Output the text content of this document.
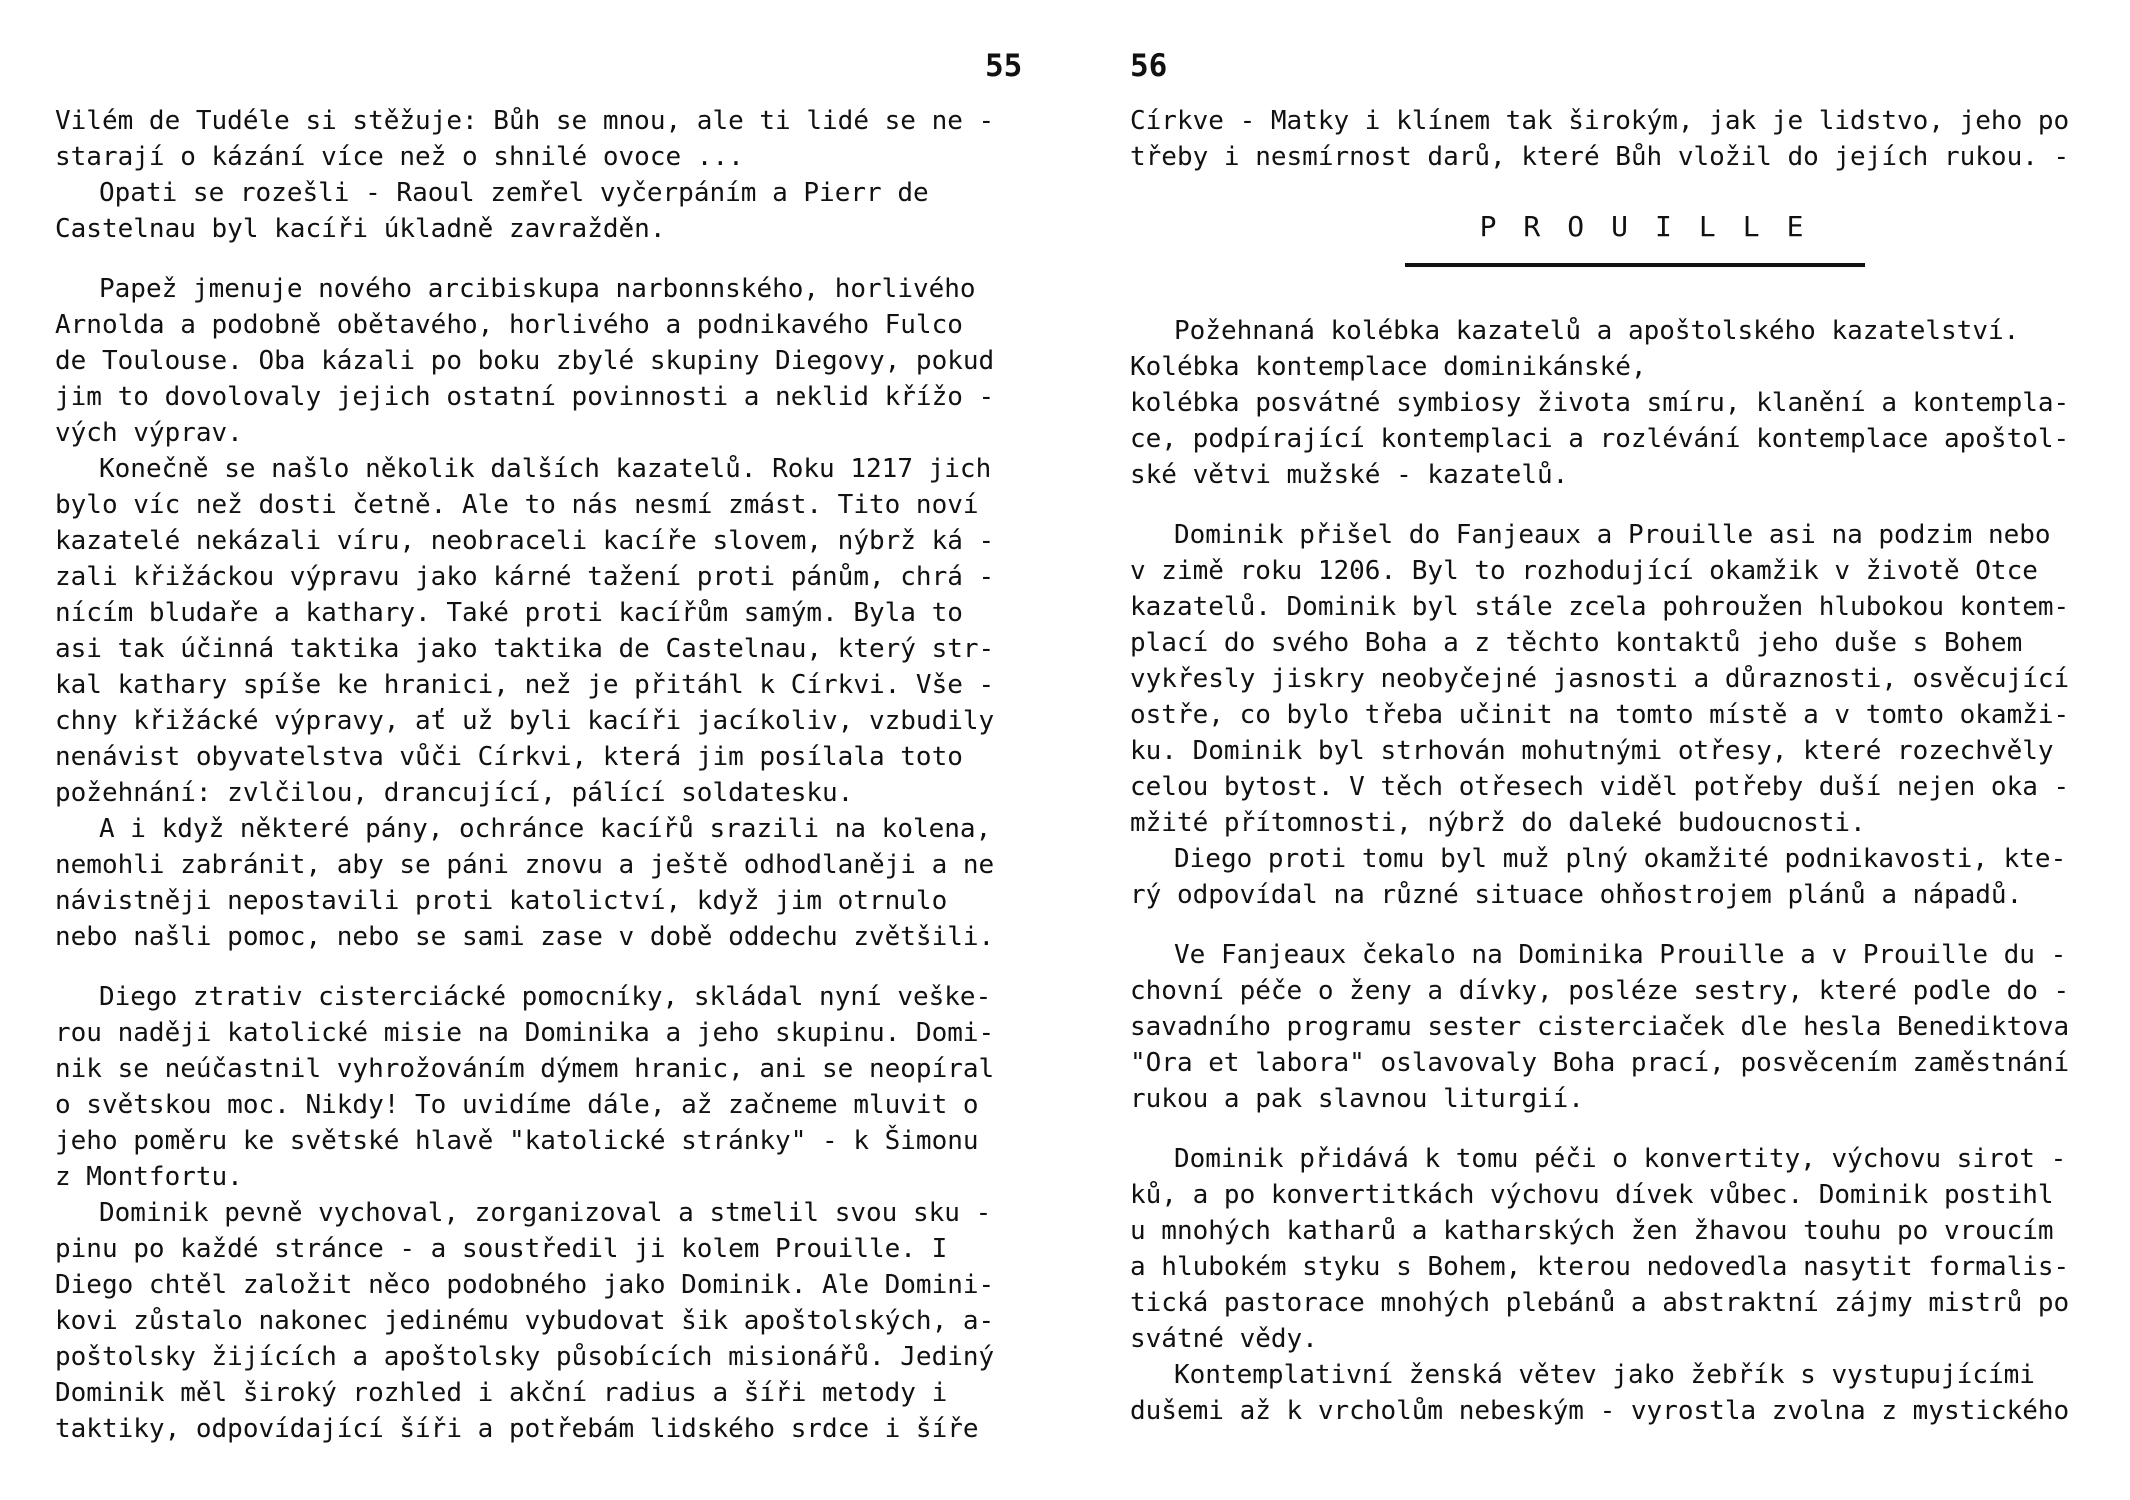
55
Vilém de Tudéle si stěžuje: Bůh se mnou, ale ti lidé se ne -
starají o kázání více než o shnilé ovoce ...
Opati se rozešli - Raoul zemřel vyčerpáním a Pierr de
Castelnau byl kacíři úkladně zavražděn.
Papež jmenuje nového arcibiskupa narbonnského, horlivého
Arnolda a podobně obětavého, horlivého a podnikavého Fulco
de Toulouse. Oba kázali po boku zbylé skupiny Diegovy, pokud
jim to dovolovaly jejich ostatní povinnosti a neklid křížo -
vých výprav.
Konečně se našlo několik dalších kazatelů. Roku 1217 jich
bylo víc než dosti četně. Ale to nás nesmí zmást. Tito noví
kazatelé nekázali víru, neobraceli kacíře slovem, nýbrž ká -
zali křižáckou výpravu jako kárné tažení proti pánům, chrá -
nícím bludaře a kathary. Také proti kacířům samým. Byla to
asi tak účinná taktika jako taktika de Castelnau, který str-
kal kathary spíše ke hranici, než je přitáhl k Církvi. Vše -
chny křižácké výpravy, ať už byli kacíři jacíkoliv, vzbudily
nenávist obyvatelstva vůči Církvi, která jim posílala toto
požehnání: zvlčilou, drancující, pálící soldatesku.
A i když některé pány, ochránce kacířů srazili na kolena,
nemohli zabránit, aby se páni znovu a ještě odhodlaněji a ne
návistněji nepostavili proti katolictví, když jim otrnulo
nebo našli pomoc, nebo se sami zase v době oddechu zvětšili.
Diego ztrativ cisterciácké pomocníky, skládal nyní veške-
rou naději katolické misie na Dominika a jeho skupinu. Domi-
nik se neúčastnil vyhrožováním dýmem hranic, ani se neopíral
o světskou moc. Nikdy! To uvidíme dále, až začneme mluvit o
jeho poměru ke světské hlavě "katolické stránky" - k Šimonu
z Montfortu.
Dominik pevně vychoval, zorganizoval a stmelil svou sku -
pinu po každé stránce - a soustředil ji kolem Prouille. I
Diego chtěl založit něco podobného jako Dominik. Ale Domini-
kovi zůstalo nakonec jedinému vybudovat šik apoštolských, a-
poštolsky žijících a apoštolsky působících misionářů. Jediný
Dominik měl široký rozhled i akční radius a šíři metody i
taktiky, odpovídající šíři a potřebám lidského srdce i šíře
56
Církve - Matky i klínem tak širokým, jak je lidstvo, jeho po
třeby i nesmírnost darů, které Bůh vložil do jejích rukou. -
PROUILLE
Požehnaná kolébka kazatelů a apoštolského kazatelství.
Kolébka kontemplace dominikánské,
kolébka posvátné symbiosy života smíru, klanění a kontempla-
ce, podpírající kontemplaci a rozlévání kontemplace apoštol-
ské větvi mužské - kazatelů.
Dominik přišel do Fanjeaux a Prouille asi na podzim nebo
v zimě roku 1206. Byl to rozhodující okamžik v životě Otce
kazatelů. Dominik byl stále zcela pohroužen hlubokou kontem-
plací do svého Boha a z těchto kontaktů jeho duše s Bohem
vykřesly jiskry neobyčejné jasnosti a důraznosti, osvěcující
ostře, co bylo třeba učinit na tomto místě a v tomto okamži-
ku. Dominik byl strhován mohutnými otřesy, které rozechvěly
celou bytost. V těch otřesech viděl potřeby duší nejen oka -
mžité přítomnosti, nýbrž do daleké budoucnosti.
Diego proti tomu byl muž plný okamžité podnikavosti, kte-
rý odpovídal na různé situace ohňostrojem plánů a nápadů.
Ve Fanjeaux čekalo na Dominika Prouille a v Prouille du -
chovní péče o ženy a dívky, posléze sestry, které podle do -
savadního programu sester cisterciaček dle hesla Benediktova
"Ora et labora" oslavovaly Boha prací, posvěcením zaměstnání
rukou a pak slavnou liturgií.
Dominik přidává k tomu péči o konvertity, výchovu sirot -
ků, a po konvertitkách výchovu dívek vůbec. Dominik postihl
u mnohých katharů a katharských žen žhavou touhu po vroucím
a hlubokém styku s Bohem, kterou nedovedla nasytit formalis-
tická pastorace mnohých plebánů a abstraktní zájmy mistrů po
svátné vědy.
Kontemplativní ženská větev jako žebřík s vystupujícími
dušemi až k vrcholům nebeským - vyrostla zvolna z mystického
